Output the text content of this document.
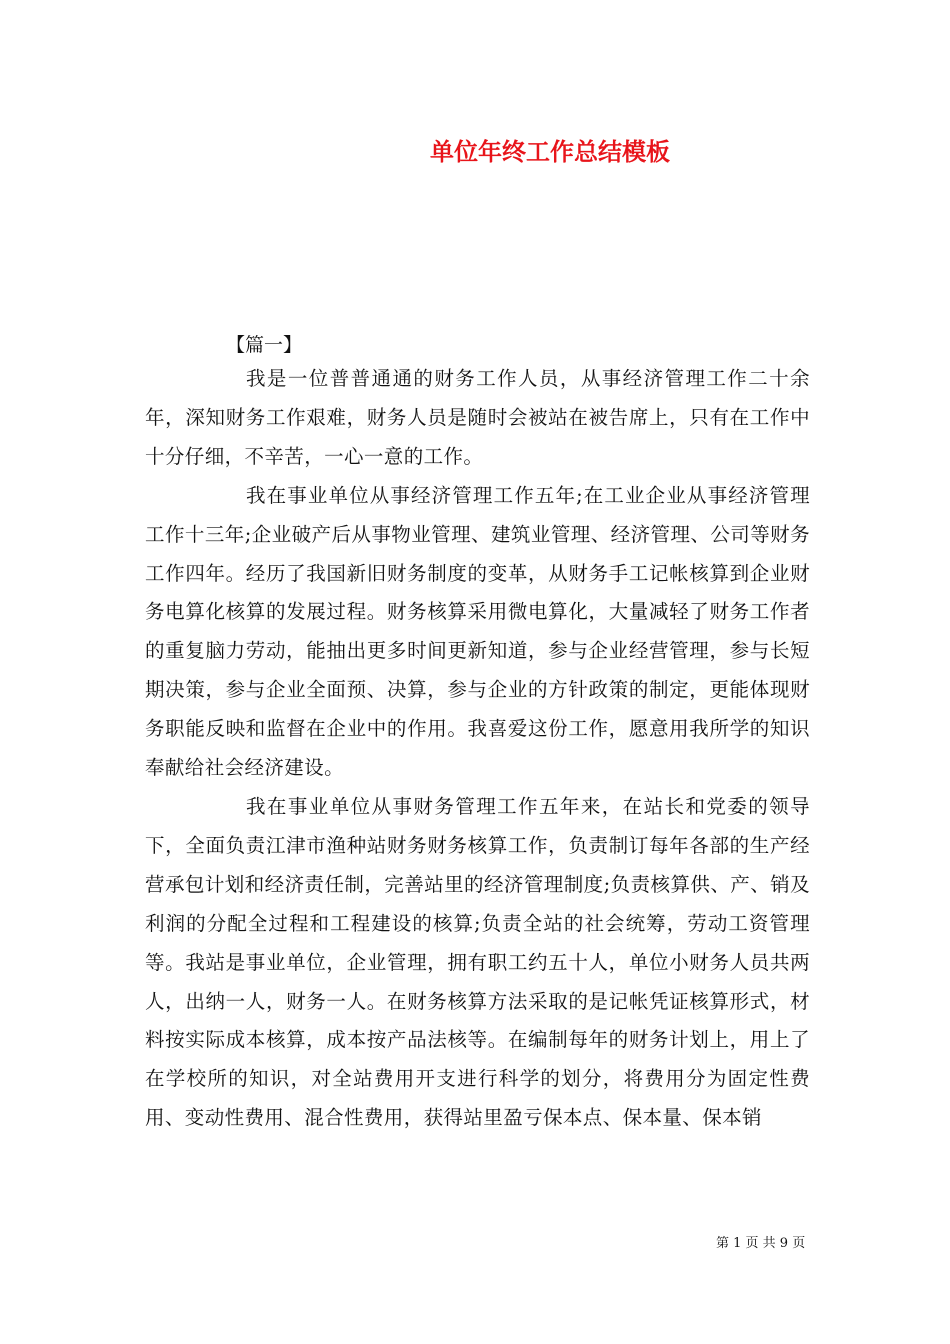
单位年终工作总结模板
【篇一】

我是一位普普通通的财务工作人员，从事经济管理工作二十余年，深知财务工作艰难，财务人员是随时会被站在被告席上，只有在工作中十分仔细，不辛苦，一心一意的工作。

我在事业单位从事经济管理工作五年;在工业企业从事经济管理工作十三年;企业破产后从事物业管理、建筑业管理、经济管理、公司等财务工作四年。经历了我国新旧财务制度的变革，从财务手工记帐核算到企业财务电算化核算的发展过程。财务核算采用微电算化，大量减轻了财务工作者的重复脑力劳动，能抽出更多时间更新知道，参与企业经营管理，参与长短期决策，参与企业全面预、决算，参与企业的方针政策的制定，更能体现财务职能反映和监督在企业中的作用。我喜爱这份工作，愿意用我所学的知识奉献给社会经济建设。

我在事业单位从事财务管理工作五年来，在站长和党委的领导下，全面负责江津市渔种站财务财务核算工作，负责制订每年各部的生产经营承包计划和经济责任制，完善站里的经济管理制度;负责核算供、产、销及利润的分配全过程和工程建设的核算;负责全站的社会统筹，劳动工资管理等。我站是事业单位，企业管理，拥有职工约五十人，单位小财务人员共两人，出纳一人，财务一人。在财务核算方法采取的是记帐凭证核算形式，材料按实际成本核算，成本按产品法核等。在编制每年的财务计划上，用上了在学校所的知识，对全站费用开支进行科学的划分，将费用分为固定性费用、变动性费用、混合性费用，获得站里盈亏保本点、保本量、保本销

第 1 页 共 9 页
